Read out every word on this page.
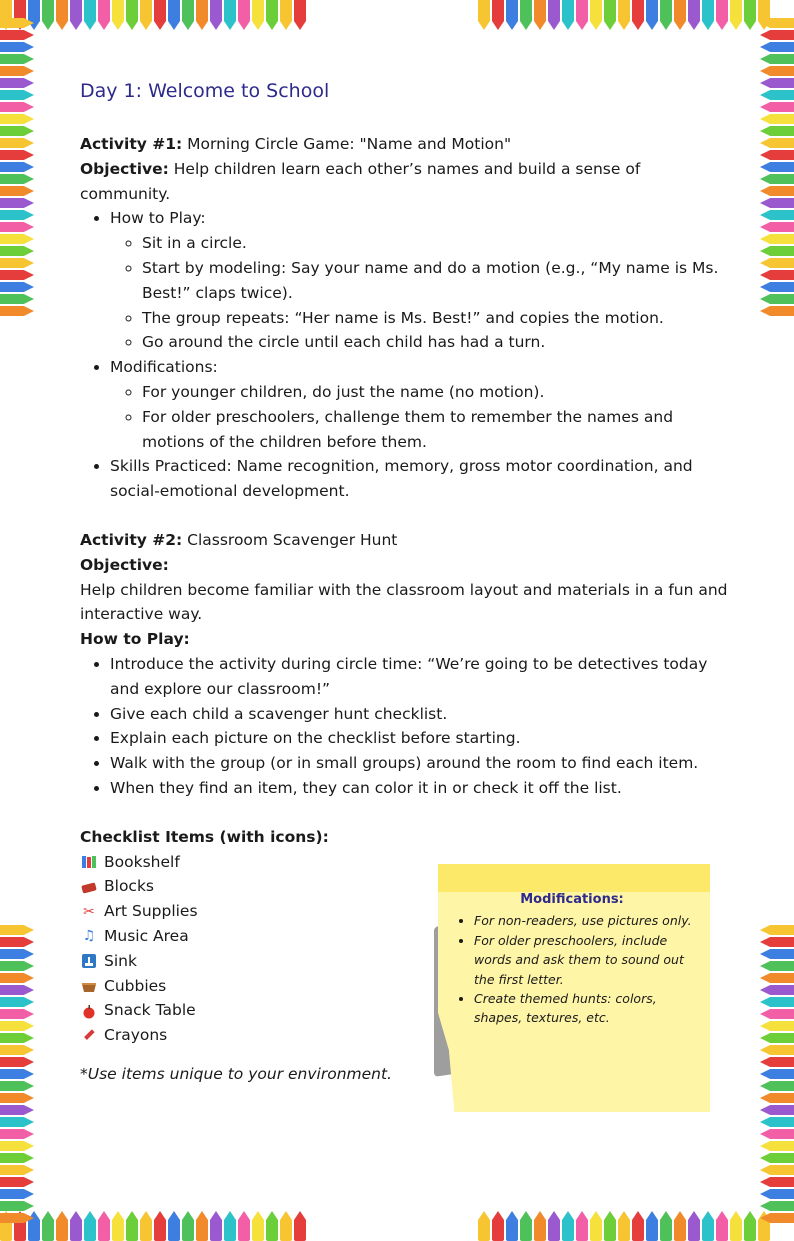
Day 1: Welcome to School

Activity #1: Morning Circle Game: "Name and Motion"

Objective: Help children learn each other’s names and build a sense of community.

• How to Play:
◦ Sit in a circle.
◦ Start by modeling: Say your name and do a motion (e.g., “My name is Ms. Best!” claps twice).
◦ The group repeats: “Her name is Ms. Best!” and copies the motion.
◦ Go around the circle until each child has had a turn.
• Modifications:
◦ For younger children, do just the name (no motion).
◦ For older preschoolers, challenge them to remember the names and motions of the children before them.
• Skills Practiced: Name recognition, memory, gross motor coordination, and social-emotional development.

Activity #2: Classroom Scavenger Hunt

Objective:

Help children become familiar with the classroom layout and materials in a fun and interactive way.

How to Play:

• Introduce the activity during circle time: “We’re going to be detectives today and explore our classroom!”
• Give each child a scavenger hunt checklist.
• Explain each picture on the checklist before starting.
• Walk with the group (or in small groups) around the room to find each item.
• When they find an item, they can color it in or check it off the list.

Checklist Items (with icons):

Bookshelf
Blocks
✂ Art Supplies
♫ Music Area
Sink
Cubbies
Snack Table
Crayons

*Use items unique to your environment.

Modifications:
• For non-readers, use pictures only.
• For older preschoolers, include words and ask them to sound out the first letter.
• Create themed hunts: colors, shapes, textures, etc.
